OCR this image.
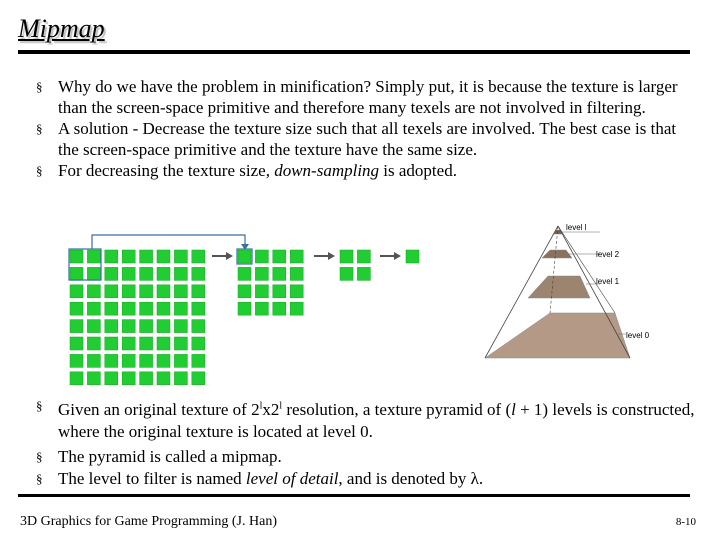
Mipmap
§ Why do we have the problem in minification? Simply put, it is because the texture is larger than the screen-space primitive and therefore many texels are not involved in filtering.
§ A solution - Decrease the texture size such that all texels are involved. The best case is that the screen-space primitive and the texture have the same size.
§ For decreasing the texture size, down-sampling is adopted.
level l
level 2
level 1
level 0
§ Given an original texture of 2$^l$x2$^l$ resolution, a texture pyramid of (l + 1) levels is constructed, where the original texture is located at level 0.
§ The pyramid is called a mipmap.
§ The level to filter is named level of detail, and is denoted by λ.
3D Graphics for Game Programming (J. Han)	8-10
